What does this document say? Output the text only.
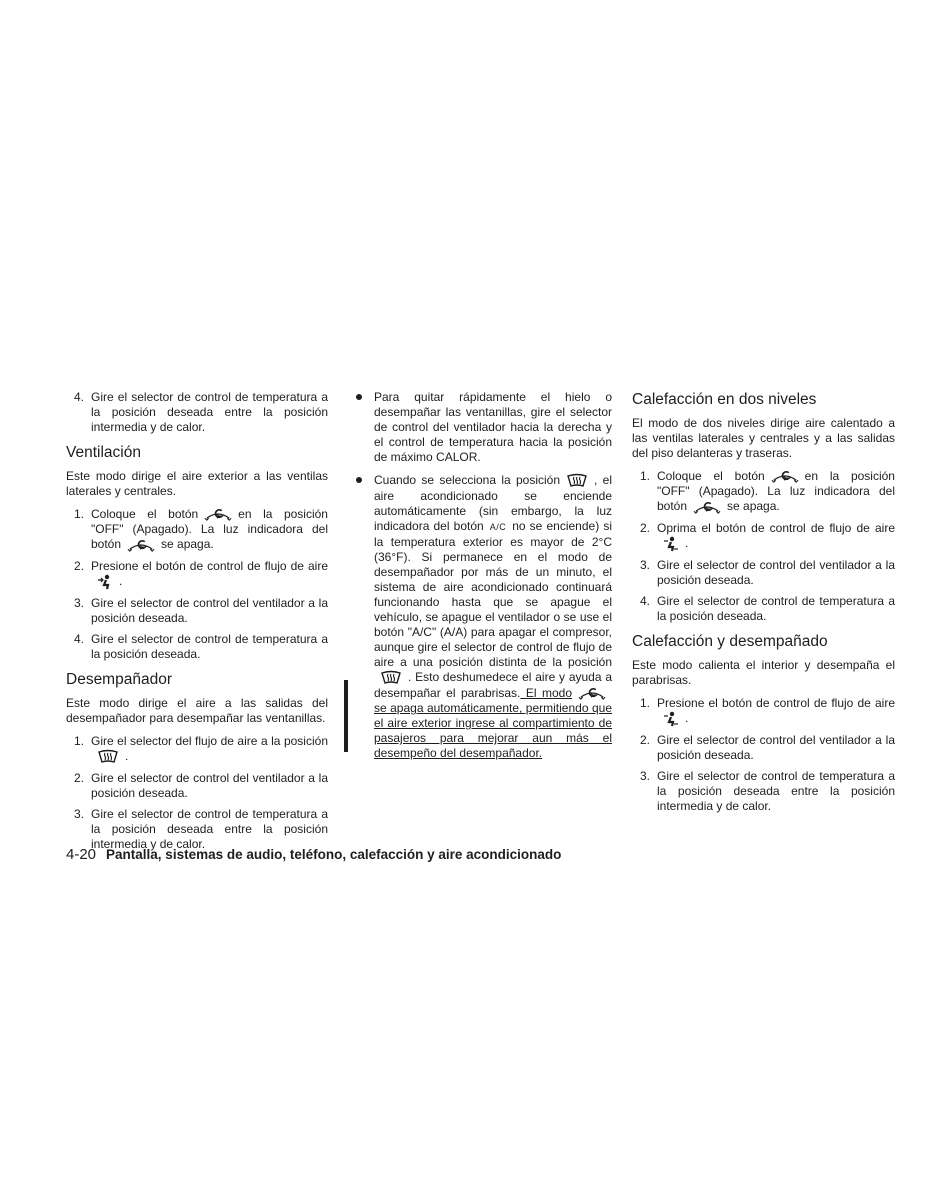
4. Gire el selector de control de temperatura a la posición deseada entre la posición intermedia y de calor.
Ventilación

Este modo dirige el aire exterior a las ventilas laterales y centrales.

1. Coloque el botón	en la posición "OFF" (Apagado). La luz indicadora del botón	se apaga.
2. Presione el botón de control de flujo de aire
.
3. Gire el selector de control del ventilador a la posición deseada.
4. Gire el selector de control de temperatura a la posición deseada.
Desempañador

Este modo dirige el aire a las salidas del desempañador para desempañar las ventanillas.

1. Gire el selector del flujo de aire a la posición
.
2. Gire el selector de control del ventilador a la posición deseada.
3. Gire el selector de control de temperatura a la posición deseada entre la posición intermedia y de calor.
Para quitar rápidamente el hielo o desempañar las ventanillas, gire el selector de control del ventilador hacia la derecha y el control de temperatura hacia la posición de máximo CALOR.
Cuando se selecciona la posición	, el aire acondicionado se enciende automáticamente (sin embargo, la luz indicadora del botón A/C no se enciende) si la temperatura exterior es mayor de 2°C (36°F). Si permanece en el modo de desempañador por más de un minuto, el sistema de aire acondicionado continuará funcionando hasta que se apague el vehículo, se apague el ventilador o se use el botón "A/C" (A/A) para apagar el compresor, aunque gire el selector de control de flujo de aire a una posición distinta de la posición
. Esto deshumedece el aire y ayuda a desempañar el parabrisas. El modo
se apaga automáticamente, permitiendo que el aire exterior ingrese al compartimiento de pasajeros para mejorar aun más el desempeño del desempañador.
Calefacción en dos niveles

El modo de dos niveles dirige aire calentado a las ventilas laterales y centrales y a las salidas del piso delanteras y traseras.

1. Coloque el botón	en la posición "OFF" (Apagado). La luz indicadora del botón	se apaga.
2. Oprima el botón de control de flujo de aire
.
3. Gire el selector de control del ventilador a la posición deseada.
4. Gire el selector de control de temperatura a la posición deseada.
Calefacción y desempañado

Este modo calienta el interior y desempaña el parabrisas.

1. Presione el botón de control de flujo de aire
.
2. Gire el selector de control del ventilador a la posición deseada.
3. Gire el selector de control de temperatura a la posición deseada entre la posición intermedia y de calor.
4-20 Pantalla, sistemas de audio, teléfono, calefacción y aire acondicionado
